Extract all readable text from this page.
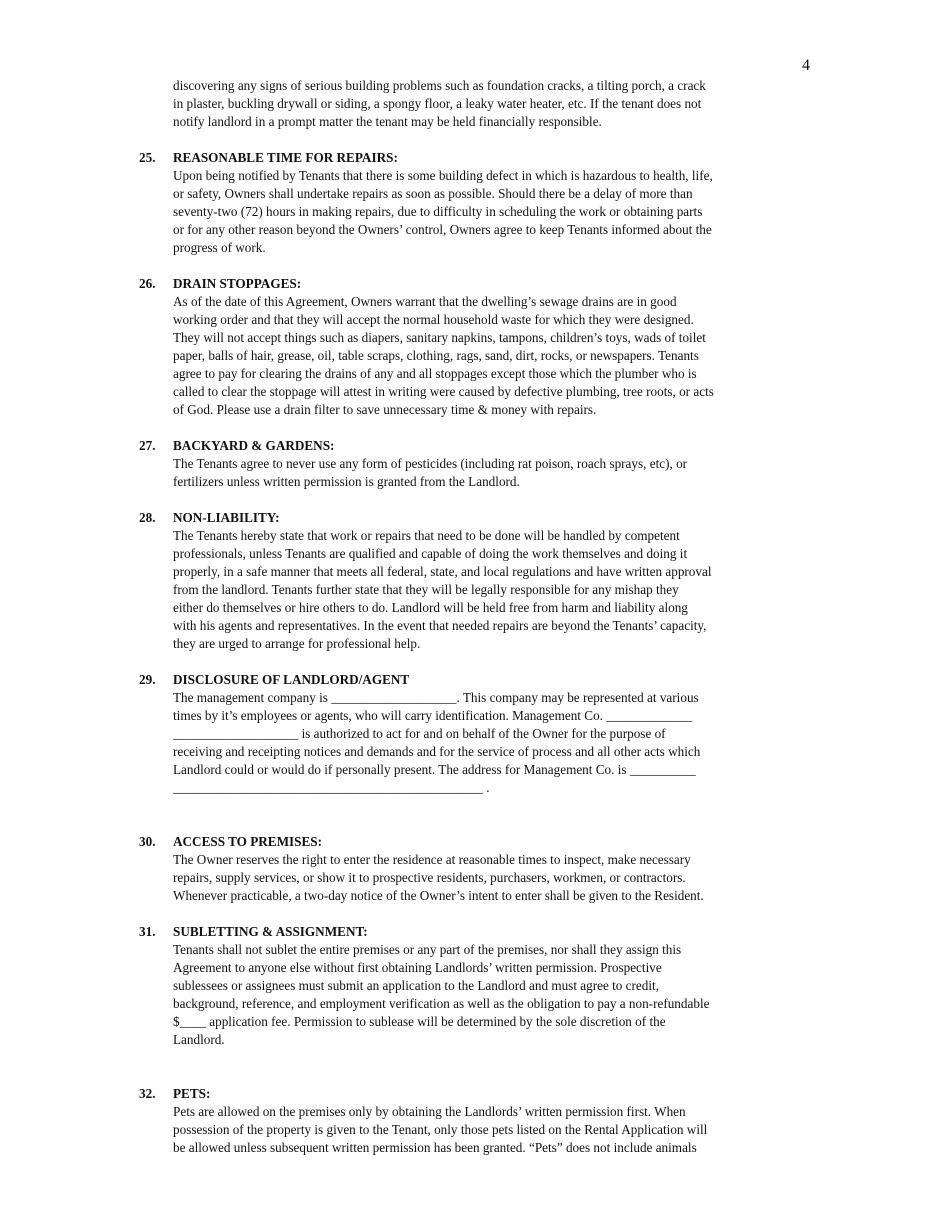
4
discovering any signs of serious building problems such as foundation cracks, a tilting porch, a crack
in plaster, buckling drywall or siding, a spongy floor, a leaky water heater, etc. If the tenant does not
notify landlord in a prompt matter the tenant may be held financially responsible.
25.	REASONABLE TIME FOR REPAIRS:
Upon being notified by Tenants that there is some building defect in which is hazardous to health, life,
or safety, Owners shall undertake repairs as soon as possible. Should there be a delay of more than
seventy-two (72) hours in making repairs, due to difficulty in scheduling the work or obtaining parts
or for any other reason beyond the Owners’ control, Owners agree to keep Tenants informed about the
progress of work.
26.	DRAIN STOPPAGES:
As of the date of this Agreement, Owners warrant that the dwelling’s sewage drains are in good
working order and that they will accept the normal household waste for which they were designed.
They will not accept things such as diapers, sanitary napkins, tampons, children’s toys, wads of toilet
paper, balls of hair, grease, oil, table scraps, clothing, rags, sand, dirt, rocks, or newspapers. Tenants
agree to pay for clearing the drains of any and all stoppages except those which the plumber who is
called to clear the stoppage will attest in writing were caused by defective plumbing, tree roots, or acts
of God. Please use a drain filter to save unnecessary time & money with repairs.
27.	BACKYARD & GARDENS:
The Tenants agree to never use any form of pesticides (including rat poison, roach sprays, etc), or
fertilizers unless written permission is granted from the Landlord.
28.	NON-LIABILITY:
The Tenants hereby state that work or repairs that need to be done will be handled by competent
professionals, unless Tenants are qualified and capable of doing the work themselves and doing it
properly, in a safe manner that meets all federal, state, and local regulations and have written approval
from the landlord. Tenants further state that they will be legally responsible for any mishap they
either do themselves or hire others to do. Landlord will be held free from harm and liability along
with his agents and representatives. In the event that needed repairs are beyond the Tenants’ capacity,
they are urged to arrange for professional help.
29.	DISCLOSURE OF LANDLORD/AGENT
The management company is ___________________. This company may be represented at various
times by it’s employees or agents, who will carry identification. Management Co. _____________
___________________ is authorized to act for and on behalf of the Owner for the purpose of
receiving and receipting notices and demands and for the service of process and all other acts which
Landlord could or would do if personally present. The address for Management Co. is __________
_______________________________________________ .
30.	ACCESS TO PREMISES:
The Owner reserves the right to enter the residence at reasonable times to inspect, make necessary
repairs, supply services, or show it to prospective residents, purchasers, workmen, or contractors.
Whenever practicable, a two-day notice of the Owner’s intent to enter shall be given to the Resident.
31.	SUBLETTING & ASSIGNMENT:
Tenants shall not sublet the entire premises or any part of the premises, nor shall they assign this
Agreement to anyone else without first obtaining Landlords’ written permission. Prospective
sublessees or assignees must submit an application to the Landlord and must agree to credit,
background, reference, and employment verification as well as the obligation to pay a non-refundable
$____ application fee. Permission to sublease will be determined by the sole discretion of the
Landlord.
32.	PETS:
Pets are allowed on the premises only by obtaining the Landlords’ written permission first. When
possession of the property is given to the Tenant, only those pets listed on the Rental Application will
be allowed unless subsequent written permission has been granted. “Pets” does not include animals
